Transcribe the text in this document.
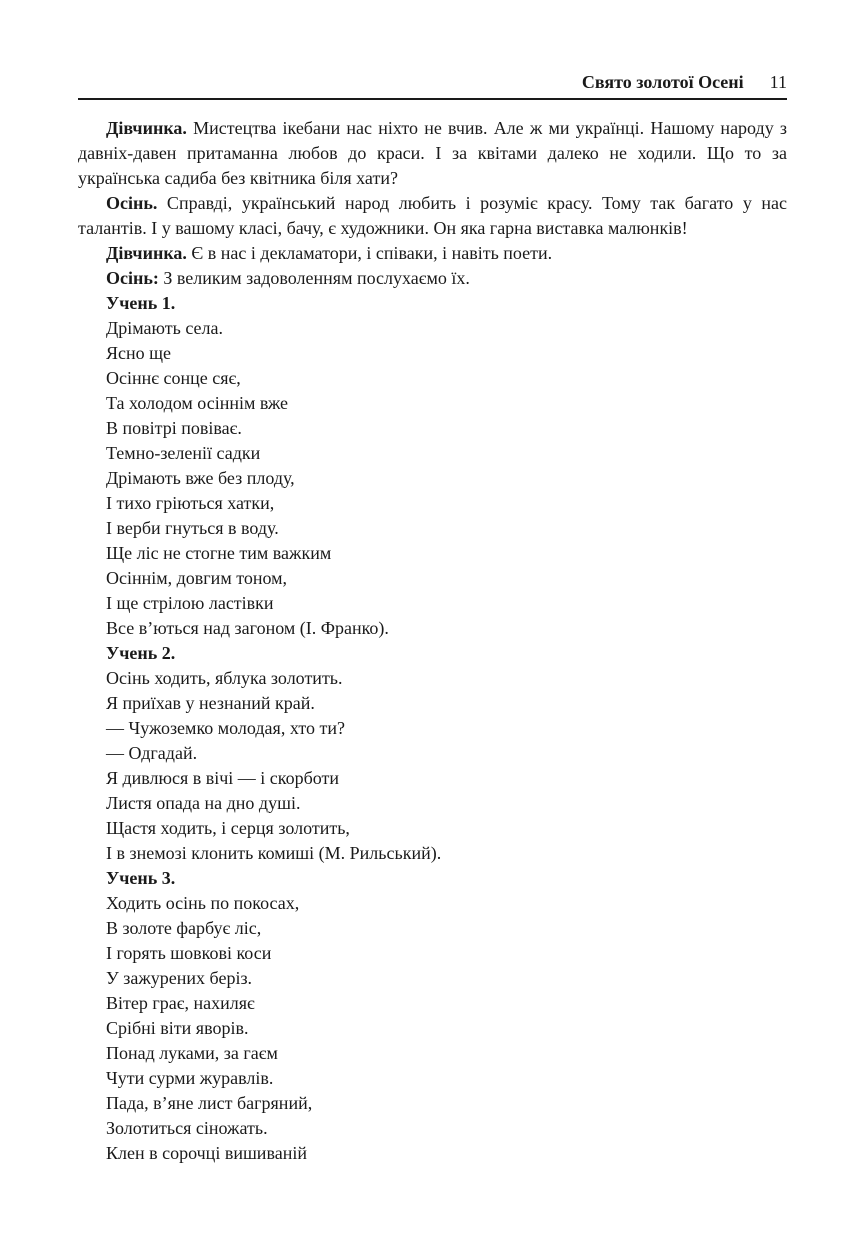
Свято золотої Осені 11

Дівчинка. Мистецтва ікебани нас ніхто не вчив. Але ж ми українці. Нашому народу з давніх-давен притаманна любов до краси. І за квітами далеко не ходили. Що то за українська садиба без квітника біля хати?

Осінь. Справді, український народ любить і розуміє красу. Тому так багато у нас талантів. І у вашому класі, бачу, є художники. Он яка гарна виставка малюнків!

Дівчинка. Є в нас і декламатори, і співаки, і навіть поети.

Осінь: З великим задоволенням послухаємо їх.

Учень 1.

Дрімають села.
Ясно ще
Осіннє сонце сяє,
Та холодом осіннім вже
В повітрі повіває.
Темно-зеленії садки
Дрімають вже без плоду,
І тихо гріються хатки,
І верби гнуться в воду.
Ще ліс не стогне тим важким
Осіннім, довгим тоном,
І ще стрілою ластівки
Все в’ються над загоном (І. Франко).

Учень 2.

Осінь ходить, яблука золотить.
Я приїхав у незнаний край.
— Чужоземко молодая, хто ти?
— Одгадай.
Я дивлюся в вічі — і скорботи
Листя опада на дно душі.
Щастя ходить, і серця золотить,
І в знемозі клонить комиші (М. Рильський).

Учень 3.

Ходить осінь по покосах,
В золоте фарбує ліс,
І горять шовкові коси
У зажурених беріз.
Вітер грає, нахиляє
Срібні віти яворів.
Понад луками, за гаєм
Чути сурми журавлів.
Пада, в’яне лист багряний,
Золотиться сіножать.
Клен в сорочці вишиваній
